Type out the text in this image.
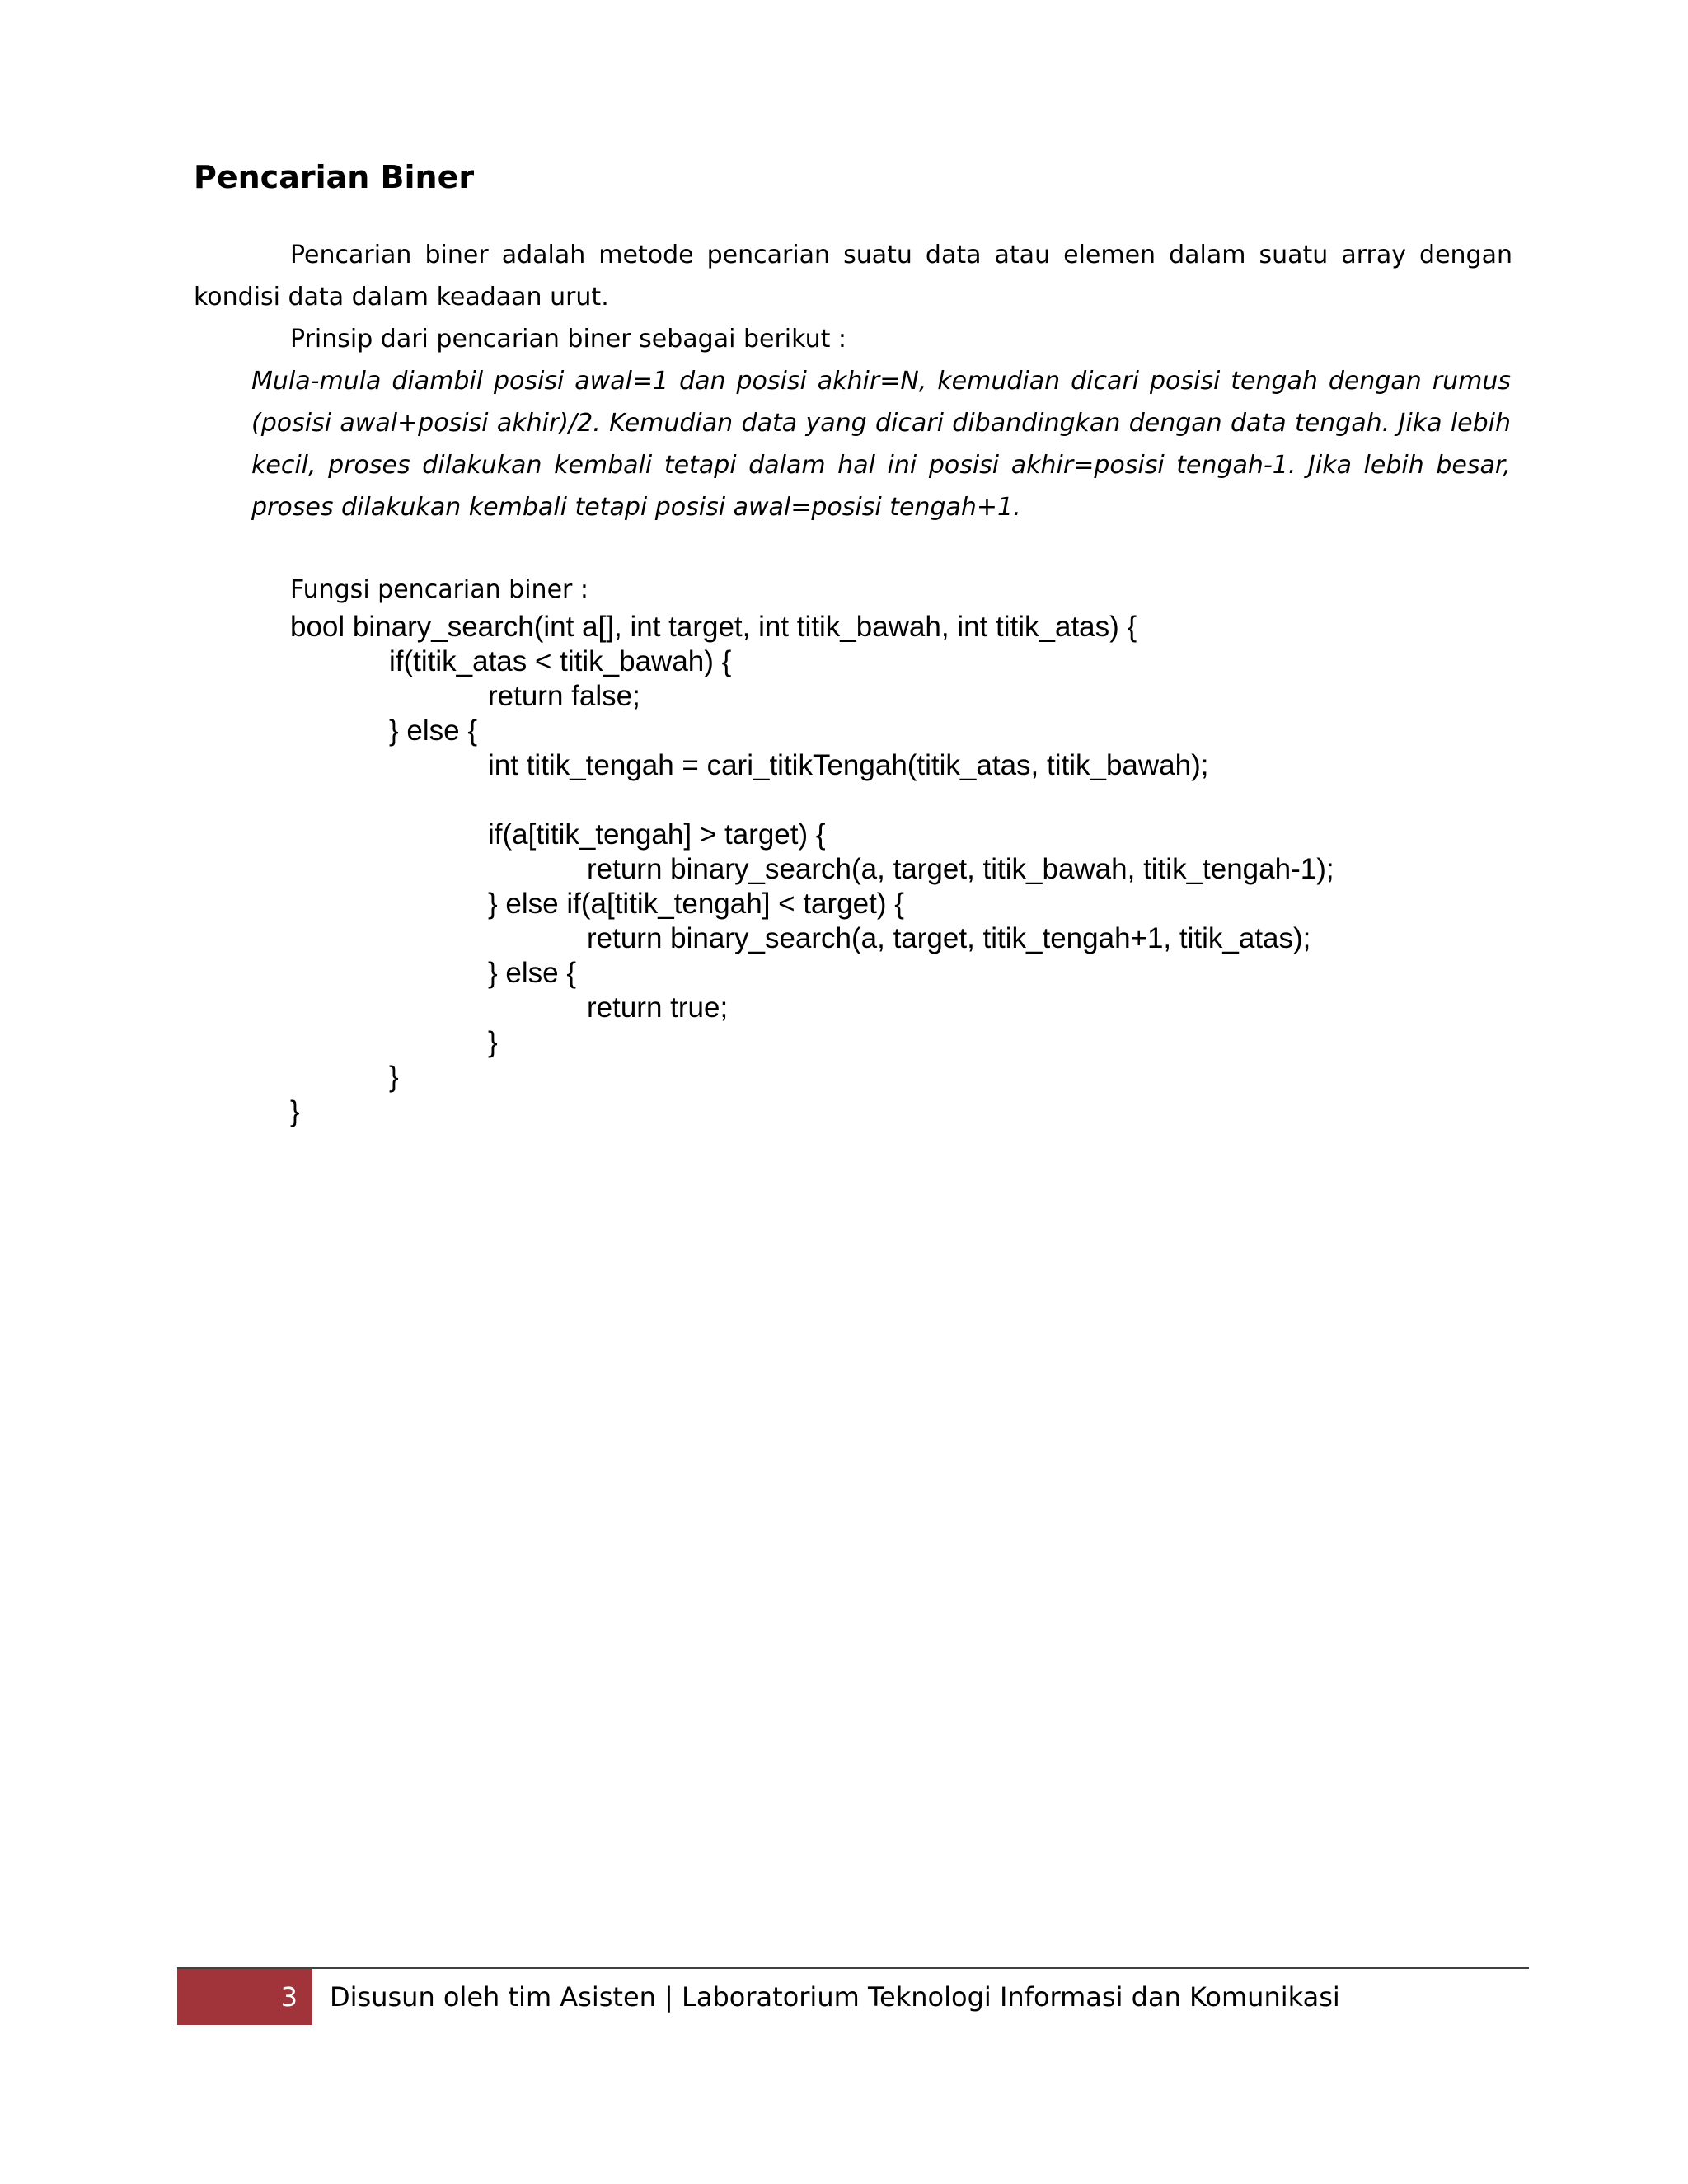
Pencarian Biner
Pencarian biner adalah metode pencarian suatu data atau elemen dalam suatu array dengan kondisi data dalam keadaan urut.
Prinsip dari pencarian biner sebagai berikut :
Mula-mula diambil posisi awal=1 dan posisi akhir=N, kemudian dicari posisi tengah dengan rumus (posisi awal+posisi akhir)/2. Kemudian data yang dicari dibandingkan dengan data tengah. Jika lebih kecil, proses dilakukan kembali tetapi dalam hal ini posisi akhir=posisi tengah-1. Jika lebih besar, proses dilakukan kembali tetapi posisi awal=posisi tengah+1.
Fungsi pencarian biner :
bool binary_search(int a[], int target, int titik_bawah, int titik_atas) {
if(titik_atas < titik_bawah) {
return false;
} else {
int titik_tengah = cari_titikTengah(titik_atas, titik_bawah);
if(a[titik_tengah] > target) {
return binary_search(a, target, titik_bawah, titik_tengah-1);
} else if(a[titik_tengah] < target) {
return binary_search(a, target, titik_tengah+1, titik_atas);
} else {
return true;
}
}
}
3 Disusun oleh tim Asisten | Laboratorium Teknologi Informasi dan Komunikasi
